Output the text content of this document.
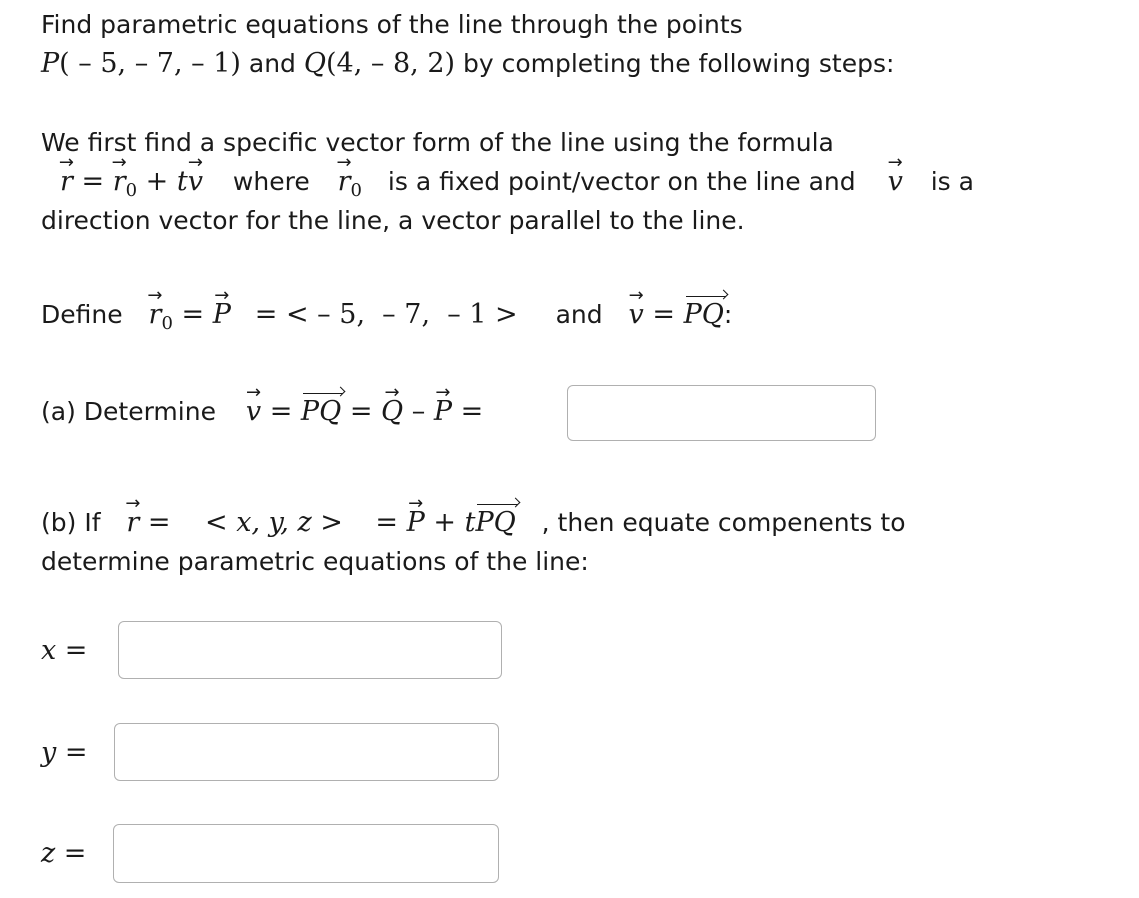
Find parametric equations of the line through the points
P( – 5, – 7, – 1) and Q(4, – 8, 2) by completing the following steps:
We first find a specific vector form of the line using the formula
→ r = → $r_0 + t\to v$ where → $r_0$ is a fixed point/vector on the line and → v is a
direction vector for the line, a vector parallel to the line.
Define → $r_0$ = → P = < – 5,  – 7,  – 1 > and → v = PQ:
(a) Determine → v = PQ = → Q – → P =
(b) If → r =   < x, y, z >   = → P + tPQ , then equate compenents to
determine parametric equations of the line:
x =
y =
z =
